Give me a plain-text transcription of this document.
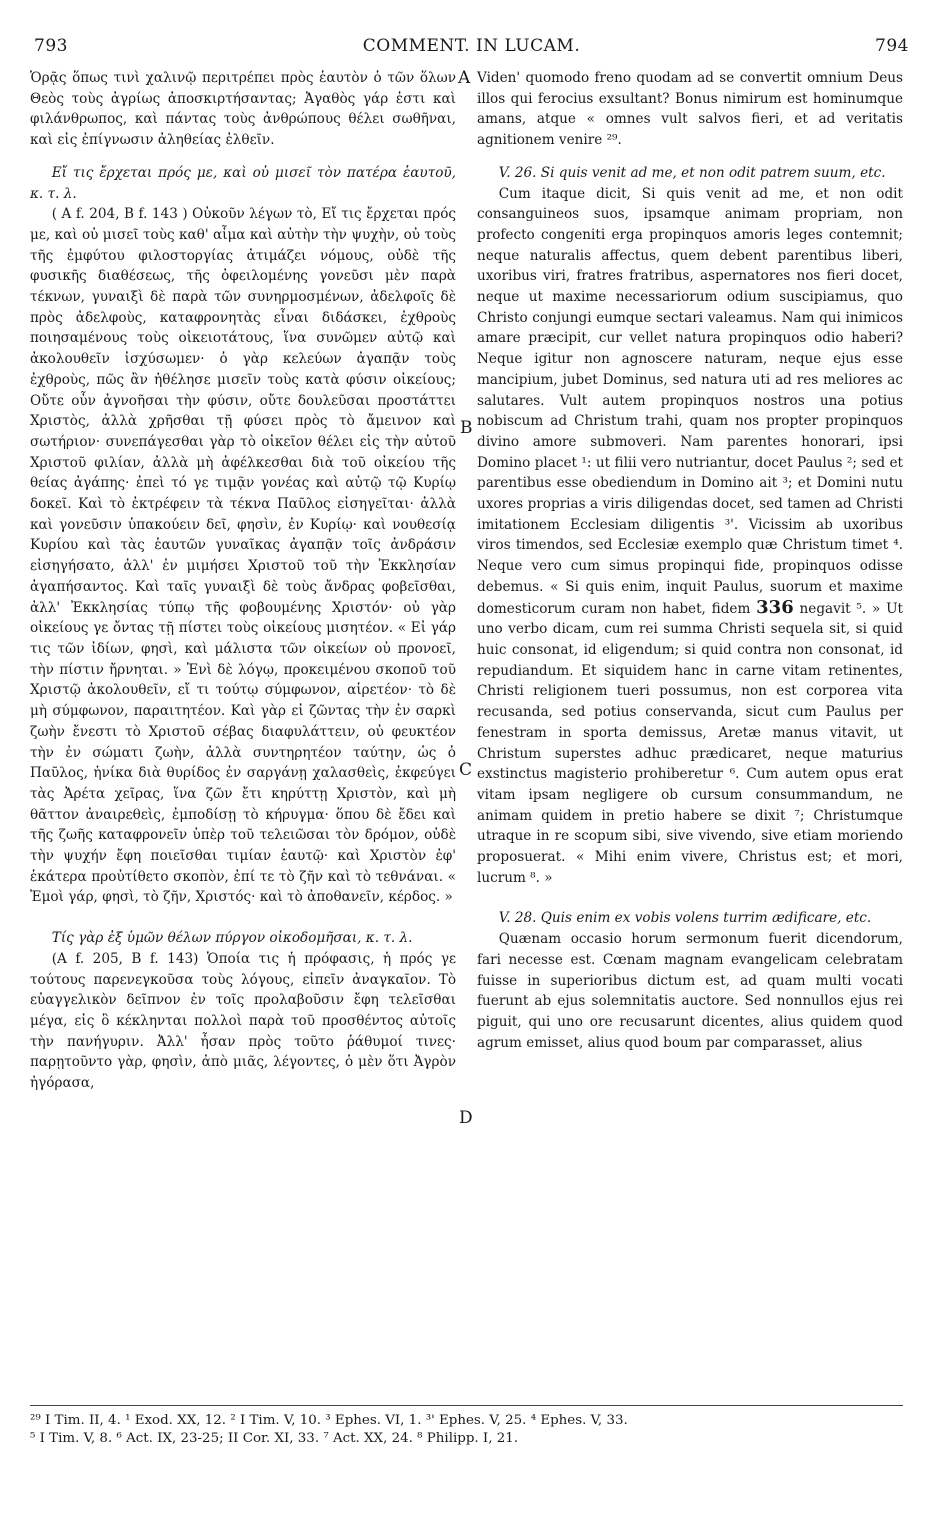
793	COMMENT. IN LUCAM.	794

Ὁρᾷς ὅπως τινὶ χαλινῷ περιτρέπει πρὸς ἑαυτὸν ὁ τῶν ὅλων Θεὸς τοὺς ἀγρίως ἀποσκιρτήσαντας; Ἀγαθὸς γάρ ἐστι καὶ φιλάνθρωπος, καὶ πάντας τοὺς ἀνθρώπους θέλει σωθῆναι, καὶ εἰς ἐπίγνωσιν ἀληθείας ἐλθεῖν.

Εἴ τις ἔρχεται πρός με, καὶ οὐ μισεῖ τὸν πατέρα ἑαυτοῦ, κ. τ. λ.

( A f. 204, B f. 143 ) Οὐκοῦν λέγων τὸ, Εἴ τις ἔρχεται πρός με, καὶ οὐ μισεῖ τοὺς καθ' αἷμα καὶ αὐτὴν τὴν ψυχὴν, οὐ τοὺς τῆς ἐμφύτου φιλοστοργίας ἀτιμάζει νόμους, οὐδὲ τῆς φυσικῆς διαθέσεως, τῆς ὀφειλομένης γονεῦσι μὲν παρὰ τέκνων, γυναιξὶ δὲ παρὰ τῶν συνηρμοσμένων, ἀδελφοῖς δὲ πρὸς ἀδελφοὺς, καταφρονητὰς εἶναι διδάσκει, ἐχθροὺς ποιησαμένους τοὺς οἰκειοτάτους, ἵνα συνῶμεν αὐτῷ καὶ ἀκολουθεῖν ἰσχύσωμεν· ὁ γὰρ κελεύων ἀγαπᾷν τοὺς ἐχθροὺς, πῶς ἂν ἠθέλησε μισεῖν τοὺς κατὰ φύσιν οἰκείους; Οὔτε οὖν ἀγνοῆσαι τὴν φύσιν, οὔτε δουλεῦσαι προστάττει Χριστὸς, ἀλλὰ χρῆσθαι τῇ φύσει πρὸς τὸ ἄμεινον καὶ σωτήριον· συνεπάγεσθαι γὰρ τὸ οἰκεῖον θέλει εἰς τὴν αὐτοῦ Χριστοῦ φιλίαν, ἀλλὰ μὴ ἀφέλκεσθαι διὰ τοῦ οἰκείου τῆς θείας ἀγάπης· ἐπεὶ τό γε τιμᾷν γονέας καὶ αὐτῷ τῷ Κυρίῳ δοκεῖ. Καὶ τὸ ἐκτρέφειν τὰ τέκνα Παῦλος εἰσηγεῖται· ἀλλὰ καὶ γονεῦσιν ὑπακούειν δεῖ, φησὶν, ἐν Κυρίῳ· καὶ νουθεσίᾳ Κυρίου καὶ τὰς ἑαυτῶν γυναῖκας ἀγαπᾷν τοῖς ἀνδράσιν εἰσηγήσατο, ἀλλ' ἐν μιμήσει Χριστοῦ τοῦ τὴν Ἐκκλησίαν ἀγαπήσαντος. Καὶ ταῖς γυναιξὶ δὲ τοὺς ἄνδρας φοβεῖσθαι, ἀλλ' Ἐκκλησίας τύπῳ τῆς φοβουμένης Χριστόν· οὐ γὰρ οἰκείους γε ὄντας τῇ πίστει τοὺς οἰκείους μισητέον. « Εἰ γάρ τις τῶν ἰδίων, φησὶ, καὶ μάλιστα τῶν οἰκείων οὐ προνοεῖ, τὴν πίστιν ἤρνηται. » Ἑνὶ δὲ λόγῳ, προκειμένου σκοποῦ τοῦ Χριστῷ ἀκολουθεῖν, εἴ τι τούτῳ σύμφωνον, αἱρετέον· τὸ δὲ μὴ σύμφωνον, παραιτητέον. Καὶ γὰρ εἰ ζῶντας τὴν ἐν σαρκὶ ζωὴν ἔνεστι τὸ Χριστοῦ σέβας διαφυλάττειν, οὐ φευκτέον τὴν ἐν σώματι ζωὴν, ἀλλὰ συντηρητέον ταύτην, ὡς ὁ Παῦλος, ἡνίκα διὰ θυρίδος ἐν σαργάνῃ χαλασθεὶς, ἐκφεύγει τὰς Ἀρέτα χεῖρας, ἵνα ζῶν ἔτι κηρύττῃ Χριστὸν, καὶ μὴ θᾶττον ἀναιρεθεὶς, ἐμποδίσῃ τὸ κήρυγμα· ὅπου δὲ ἔδει καὶ τῆς ζωῆς καταφρονεῖν ὑπὲρ τοῦ τελειῶσαι τὸν δρόμον, οὐδὲ τὴν ψυχήν ἔφη ποιεῖσθαι τιμίαν ἑαυτῷ· καὶ Χριστὸν ἐφ' ἑκάτερα προὐτίθετο σκοπὸν, ἐπί τε τὸ ζῆν καὶ τὸ τεθνάναι. « Ἐμοὶ γάρ, φησὶ, τὸ ζῆν, Χριστός· καὶ τὸ ἀποθανεῖν, κέρδος. »

Τίς γὰρ ἐξ ὑμῶν θέλων πύργον οἰκοδομῆσαι, κ. τ. λ.

(A f. 205, B f. 143) Ὁποία τις ἡ πρόφασις, ἡ πρός γε τούτους παρενεγκοῦσα τοὺς λόγους, εἰπεῖν ἀναγκαῖον. Τὸ εὐαγγελικὸν δεῖπνον ἐν τοῖς προλαβοῦσιν ἔφη τελεῖσθαι μέγα, εἰς ὃ κέκληνται πολλοὶ παρὰ τοῦ προσθέντος αὐτοῖς τὴν πανήγυριν. Ἀλλ' ἦσαν πρὸς τοῦτο ῥάθυμοί τινες· παρῃτοῦντο γὰρ, φησὶν, ἀπὸ μιᾶς, λέγοντες, ὁ μὲν ὅτι Ἀγρὸν ἠγόρασα,

Viden' quomodo freno quodam ad se convertit omnium Deus illos qui ferocius exsultant? Bonus nimirum est hominumque amans, atque « omnes vult salvos fieri, et ad veritatis agnitionem venire ²⁹.

V. 26. Si quis venit ad me, et non odit patrem suum, etc.

Cum itaque dicit, Si quis venit ad me, et non odit consanguineos suos, ipsamque animam propriam, non profecto congeniti erga propinquos amoris leges contemnit; neque naturalis affectus, quem debent parentibus liberi, uxoribus viri, fratres fratribus, aspernatores nos fieri docet, neque ut maxime necessariorum odium suscipiamus, quo Christo conjungi eumque sectari valeamus. Nam qui inimicos amare præcipit, cur vellet natura propinquos odio haberi? Neque igitur non agnoscere naturam, neque ejus esse mancipium, jubet Dominus, sed natura uti ad res meliores ac salutares. Vult autem propinquos nostros una potius nobiscum ad Christum trahi, quam nos propter propinquos divino amore submoveri. Nam parentes honorari, ipsi Domino placet ¹: ut filii vero nutriantur, docet Paulus ²; sed et parentibus esse obediendum in Domino ait ³; et Domini nutu uxores proprias a viris diligendas docet, sed tamen ad Christi imitationem Ecclesiam diligentis ³'. Vicissim ab uxoribus viros timendos, sed Ecclesiæ exemplo quæ Christum timet ⁴. Neque vero cum simus propinqui fide, propinquos odisse debemus. « Si quis enim, inquit Paulus, suorum et maxime domesticorum curam non habet, fidem 336 negavit ⁵. » Ut uno verbo dicam, cum rei summa Christi sequela sit, si quid huic consonat, id eligendum; si quid contra non consonat, id repudiandum. Et siquidem hanc in carne vitam retinentes, Christi religionem tueri possumus, non est corporea vita recusanda, sed potius conservanda, sicut cum Paulus per fenestram in sporta demissus, Aretæ manus vitavit, ut Christum superstes adhuc prædicaret, neque maturius exstinctus magisterio prohiberetur ⁶. Cum autem opus erat vitam ipsam negligere ob cursum consummandum, ne animam quidem in pretio habere se dixit ⁷; Christumque utraque in re scopum sibi, sive vivendo, sive etiam moriendo proposuerat. « Mihi enim vivere, Christus est; et mori, lucrum ⁸. »

V. 28. Quis enim ex vobis volens turrim ædificare, etc.

Quænam occasio horum sermonum fuerit dicendorum, fari necesse est. Cœnam magnam evangelicam celebratam fuisse in superioribus dictum est, ad quam multi vocati fuerunt ab ejus solemnitatis auctore. Sed nonnullos ejus rei piguit, qui uno ore recusarunt dicentes, alius quidem quod agrum emisset, alius quod boum par comparasset, alius

A
B
C
D

²⁹ I Tim. II, 4. ¹ Exod. XX, 12. ² I Tim. V, 10. ³ Ephes. VI, 1. ³' Ephes. V, 25. ⁴ Ephes. V, 33.

⁵ I Tim. V, 8. ⁶ Act. IX, 23-25; II Cor. XI, 33. ⁷ Act. XX, 24. ⁸ Philipp. I, 21.
